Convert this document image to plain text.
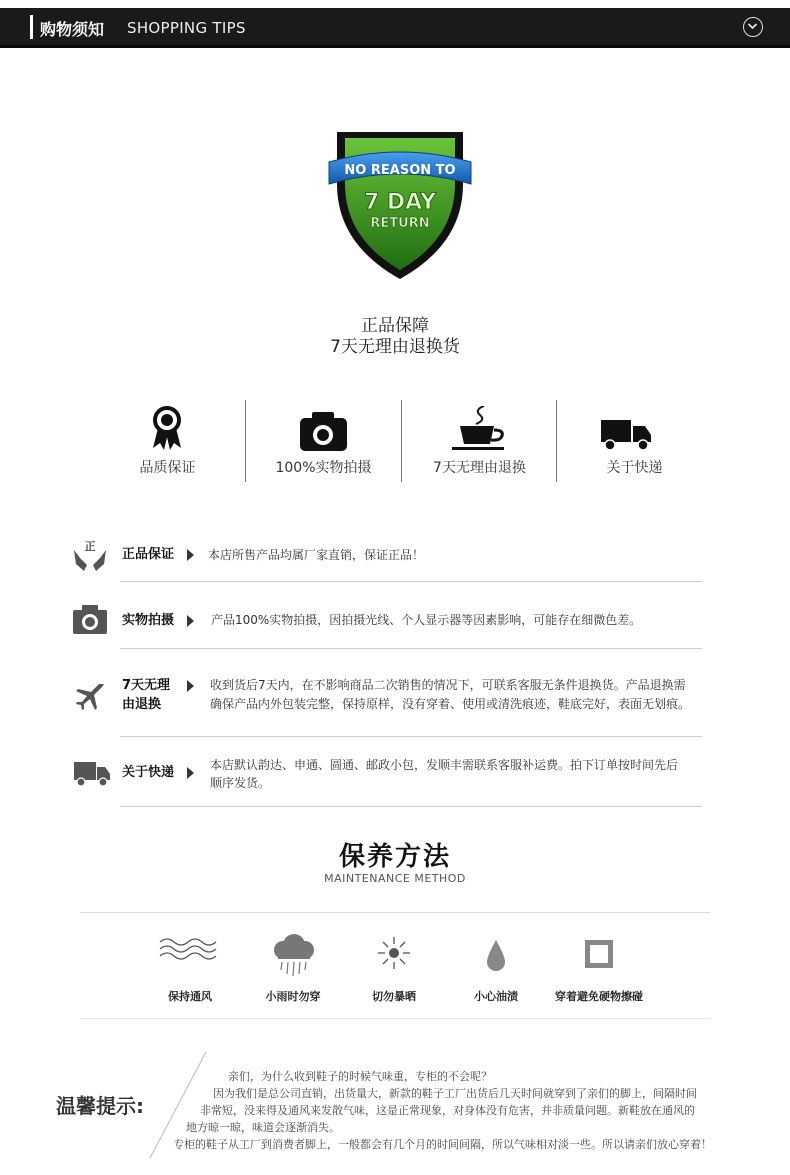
购物须知 SHOPPING TIPS
NO REASON TO
7 DAY
RETURN
正品保障
7天无理由退换货
品质保证	100%实物拍摄	7天无理由退换	关于快递
正
正品保证	本店所售产品均属厂家直销，保证正品！
实物拍摄	产品100%实物拍摄，因拍摄光线、个人显示器等因素影响，可能存在细微色差。
7天无理
由退换
收到货后7天内，在不影响商品二次销售的情况下，可联系客服无条件退换货。产品退换需
确保产品内外包装完整，保持原样，没有穿着、使用或清洗痕迹，鞋底完好，表面无划痕。
关于快递	本店默认韵达、申通、圆通、邮政小包，发顺丰需联系客服补运费。拍下订单按时间先后
顺序发货。
保养方法
MAINTENANCE METHOD
保持通风	小雨时勿穿	切勿暴晒	小心油渍	穿着避免硬物擦碰
温馨提示:
亲们，为什么收到鞋子的时候气味重，专柜的不会呢？
因为我们是总公司直销，出货量大，新款的鞋子工厂出货后几天时间就穿到了亲们的脚上，间隔时间
非常短，没来得及通风来发散气味，这是正常现象，对身体没有危害，并非质量问题。新鞋放在通风的
地方晾一晾，味道会逐渐消失。
专柜的鞋子从工厂到消费者脚上，一般都会有几个月的时间间隔，所以气味相对淡一些。所以请亲们放心穿着！
